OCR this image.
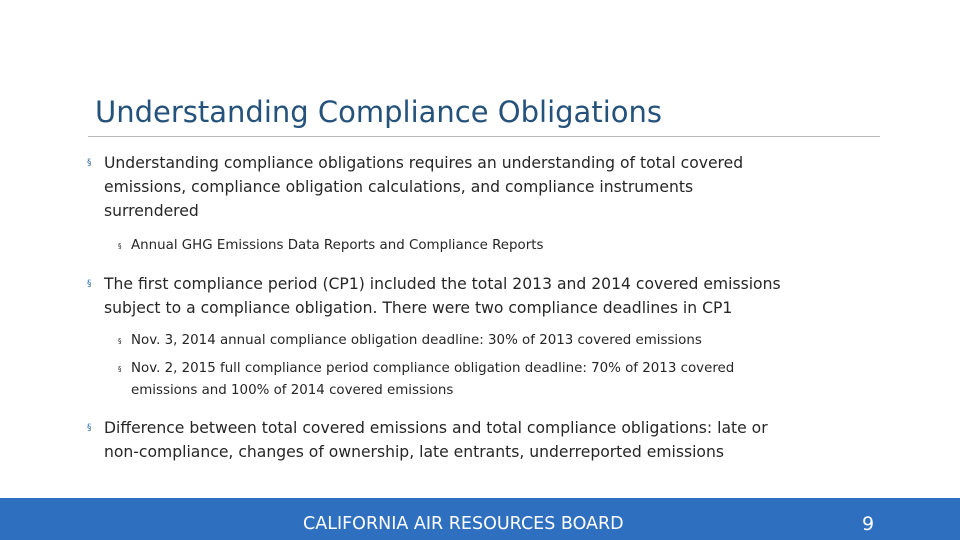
Understanding Compliance Obligations
§ Understanding compliance obligations requires an understanding of total covered
emissions, compliance obligation calculations, and compliance instruments
surrendered
§ Annual GHG Emissions Data Reports and Compliance Reports
§ The first compliance period (CP1) included the total 2013 and 2014 covered emissions
subject to a compliance obligation. There were two compliance deadlines in CP1
§ Nov. 3, 2014 annual compliance obligation deadline: 30% of 2013 covered emissions
§ Nov. 2, 2015 full compliance period compliance obligation deadline: 70% of 2013 covered
emissions and 100% of 2014 covered emissions
§ Difference between total covered emissions and total compliance obligations: late or
non-compliance, changes of ownership, late entrants, underreported emissions
CALIFORNIA AIR RESOURCES BOARD	9
